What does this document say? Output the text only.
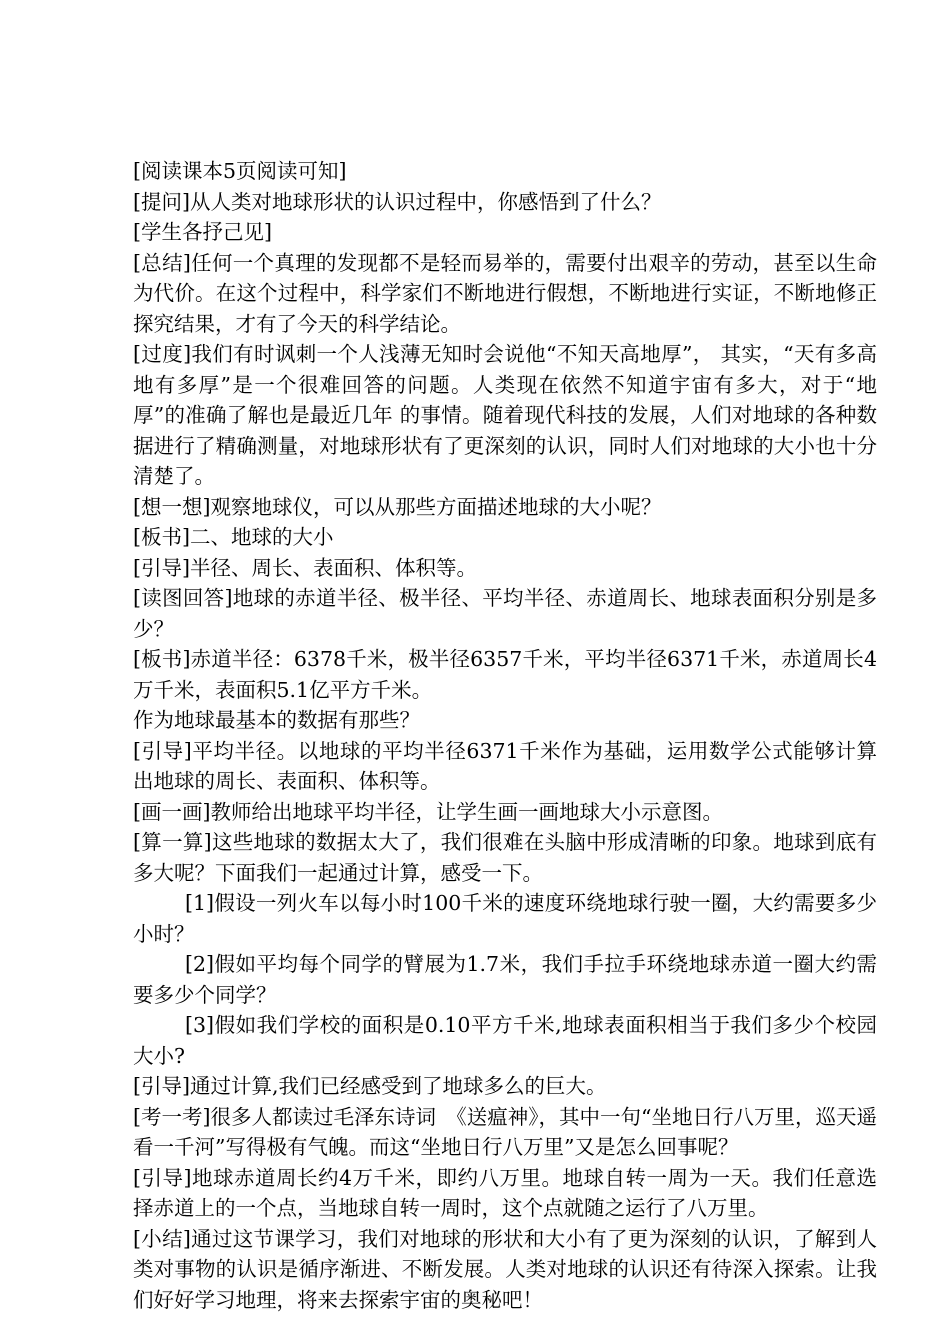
[阅读课本5页阅读可知]

[提问]从人类对地球形状的认识过程中，你感悟到了什么？

[学生各抒己见]

[总结]任何一个真理的发现都不是轻而易举的，需要付出艰辛的劳动，甚至以生命为代价。在这个过程中，科学家们不断地进行假想，不断地进行实证，不断地修正探究结果，才有了今天的科学结论。

[过度]我们有时讽刺一个人浅薄无知时会说他“不知天高地厚”， 其实，“天有多高地有多厚”是一个很难回答的问题。人类现在依然不知道宇宙有多大，对于“地厚”的准确了解也是最近几年 的事情。随着现代科技的发展，人们对地球的各种数据进行了精确测量，对地球形状有了更深刻的认识，同时人们对地球的大小也十分清楚了。

[想一想]观察地球仪，可以从那些方面描述地球的大小呢？

[板书]二、地球的大小

[引导]半径、周长、表面积、体积等。

[读图回答]地球的赤道半径、极半径、平均半径、赤道周长、地球表面积分别是多少？

[板书]赤道半径：6378千米，极半径6357千米，平均半径6371千米，赤道周长4万千米，表面积5.1亿平方千米。

作为地球最基本的数据有那些？

[引导]平均半径。以地球的平均半径6371千米作为基础，运用数学公式能够计算出地球的周长、表面积、体积等。

[画一画]教师给出地球平均半径，让学生画一画地球大小示意图。

[算一算]这些地球的数据太大了，我们很难在头脑中形成清晰的印象。地球到底有多大呢？下面我们一起通过计算，感受一下。

[1]假设一列火车以每小时100千米的速度环绕地球行驶一圈，大约需要多少小时？

[2]假如平均每个同学的臂展为1.7米，我们手拉手环绕地球赤道一圈大约需要多少个同学？

[3]假如我们学校的面积是0.10平方千米,地球表面积相当于我们多少个校园大小?

[引导]通过计算,我们已经感受到了地球多么的巨大。

[考一考]很多人都读过毛泽东诗词　《送瘟神》，其中一句“坐地日行八万里，巡天遥看一千河”写得极有气魄。而这“坐地日行八万里”又是怎么回事呢？

[引导]地球赤道周长约4万千米，即约八万里。地球自转一周为一天。我们任意选择赤道上的一个点，当地球自转一周时，这个点就随之运行了八万里。

[小结]通过这节课学习，我们对地球的形状和大小有了更为深刻的认识，了解到人类对事物的认识是循序渐进、不断发展。人类对地球的认识还有待深入探索。让我们好好学习地理，将来去探索宇宙的奥秘吧！
